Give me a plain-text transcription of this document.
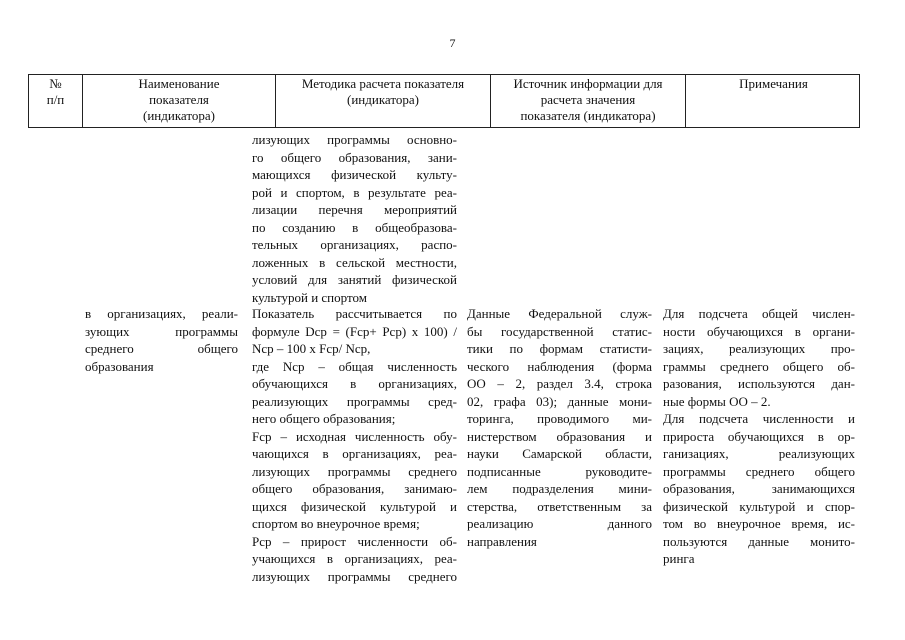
7
№
п/п
Наименование
показателя
(индикатора)
Методика расчета показателя
(индикатора)
Источник информации для
расчета значения
показателя (индикатора)
Примечания
в организациях, реали-
зующих программы
среднего общего
образования
лизующих программы основно-
го общего образования, зани-
мающихся физической культу-
рой и спортом, в результате реа-
лизации перечня мероприятий
по созданию в общеобразова-
тельных организациях, распо-
ложенных в сельской местности,
условий для занятий физической
культурой и спортом
Показатель рассчитывается по
формуле Dср = (Fср+ Pср) x 100) /
Nср – 100 x Fср/ Nср,
где Nср – общая численность
обучающихся в организациях,
реализующих программы сред-
него общего образования;
Fср – исходная численность обу-
чающихся в организациях, реа-
лизующих программы среднего
общего образования, занимаю-
щихся физической культурой и
спортом во внеурочное время;
Pср – прирост численности об-
учающихся в организациях, реа-
лизующих программы среднего
Данные Федеральной служ-
бы государственной статис-
тики по формам статисти-
ческого наблюдения (форма
ОО – 2, раздел 3.4, строка
02, графа 03); данные мони-
торинга, проводимого ми-
нистерством образования и
науки Самарской области,
подписанные руководите-
лем подразделения мини-
стерства, ответственным за
реализацию данного
направления
Для подсчета общей числен-
ности обучающихся в органи-
зациях, реализующих про-
граммы среднего общего об-
разования, используются дан-
ные формы ОО – 2.
Для подсчета численности и
прироста обучающихся в ор-
ганизациях, реализующих
программы среднего общего
образования, занимающихся
физической культурой и спор-
том во внеурочное время, ис-
пользуются данные монито-
ринга
